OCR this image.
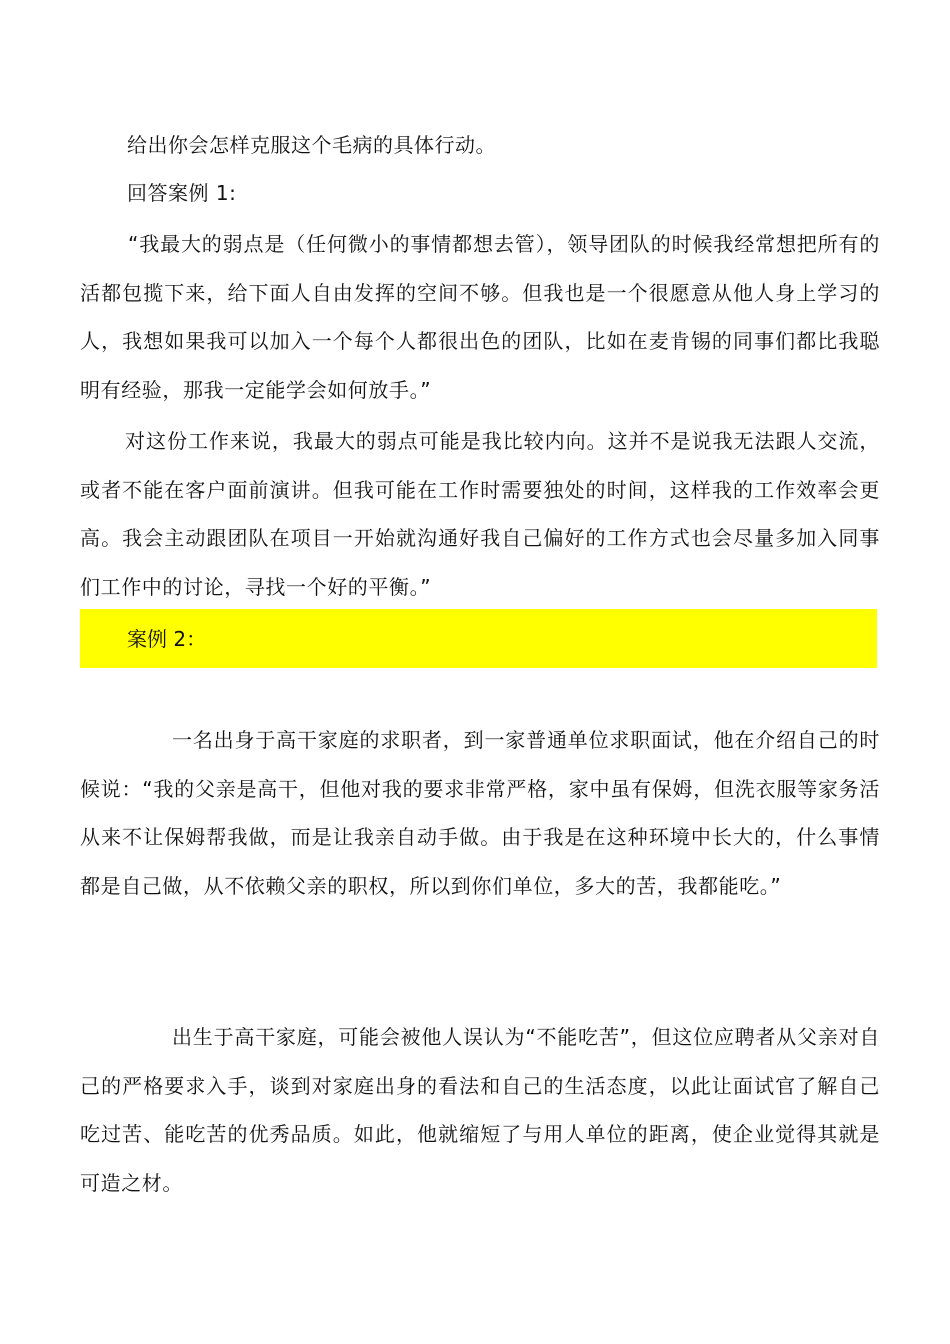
给出你会怎样克服这个毛病的具体行动。
回答案例 1:
“我最大的弱点是（任何微小的事情都想去管），领导团队的时候我经常想把所有的活都包揽下来，给下面人自由发挥的空间不够。但我也是一个很愿意从他人身上学习的人，我想如果我可以加入一个每个人都很出色的团队，比如在麦肯锡的同事们都比我聪明有经验，那我一定能学会如何放手。”
对这份工作来说，我最大的弱点可能是我比较内向。这并不是说我无法跟人交流，或者不能在客户面前演讲。但我可能在工作时需要独处的时间，这样我的工作效率会更高。我会主动跟团队在项目一开始就沟通好我自己偏好的工作方式也会尽量多加入同事们工作中的讨论，寻找一个好的平衡。”
案例 2：
一名出身于高干家庭的求职者，到一家普通单位求职面试，他在介绍自己的时候说：“我的父亲是高干，但他对我的要求非常严格，家中虽有保姆，但洗衣服等家务活从来不让保姆帮我做，而是让我亲自动手做。由于我是在这种环境中长大的，什么事情都是自己做，从不依赖父亲的职权，所以到你们单位，多大的苦，我都能吃。”
出生于高干家庭，可能会被他人误认为“不能吃苦”，但这位应聘者从父亲对自己的严格要求入手，谈到对家庭出身的看法和自己的生活态度，以此让面试官了解自己吃过苦、能吃苦的优秀品质。如此，他就缩短了与用人单位的距离，使企业觉得其就是可造之材。
